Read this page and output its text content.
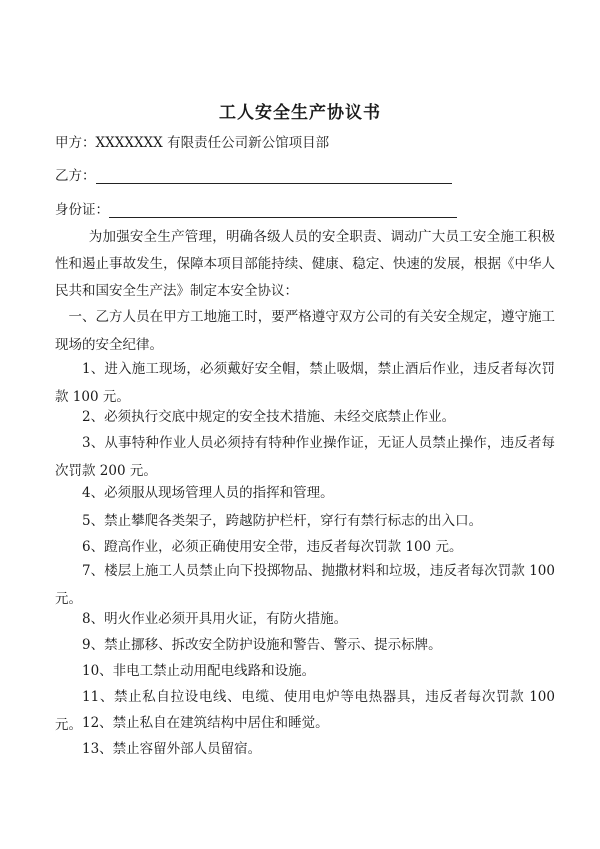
工人安全生产协议书
甲方：XXXXXXX 有限责任公司新公馆项目部
乙方：
身份证：
为加强安全生产管理，明确各级人员的安全职责、调动广大员工安全施工积极性和遏止事故发生，保障本项目部能持续、健康、稳定、快速的发展，根据《中华人民共和国安全生产法》制定本安全协议：
一、乙方人员在甲方工地施工时，要严格遵守双方公司的有关安全规定，遵守施工现场的安全纪律。
1、进入施工现场，必须戴好安全帽，禁止吸烟，禁止酒后作业，违反者每次罚款 100 元。
2、必须执行交底中规定的安全技术措施、未经交底禁止作业。
3、从事特种作业人员必须持有特种作业操作证，无证人员禁止操作，违反者每次罚款 200 元。
4、必须服从现场管理人员的指挥和管理。
5、禁止攀爬各类架子，跨越防护栏杆，穿行有禁行标志的出入口。
6、蹬高作业，必须正确使用安全带，违反者每次罚款 100 元。
7、楼层上施工人员禁止向下投掷物品、抛撒材料和垃圾，违反者每次罚款 100 元。
8、明火作业必须开具用火证，有防火措施。
9、禁止挪移、拆改安全防护设施和警告、警示、提示标牌。
10、非电工禁止动用配电线路和设施。
11、禁止私自拉设电线、电缆、使用电炉等电热器具，违反者每次罚款 100 元。 12、禁止私自在建筑结构中居住和睡觉。
13、禁止容留外部人员留宿。
